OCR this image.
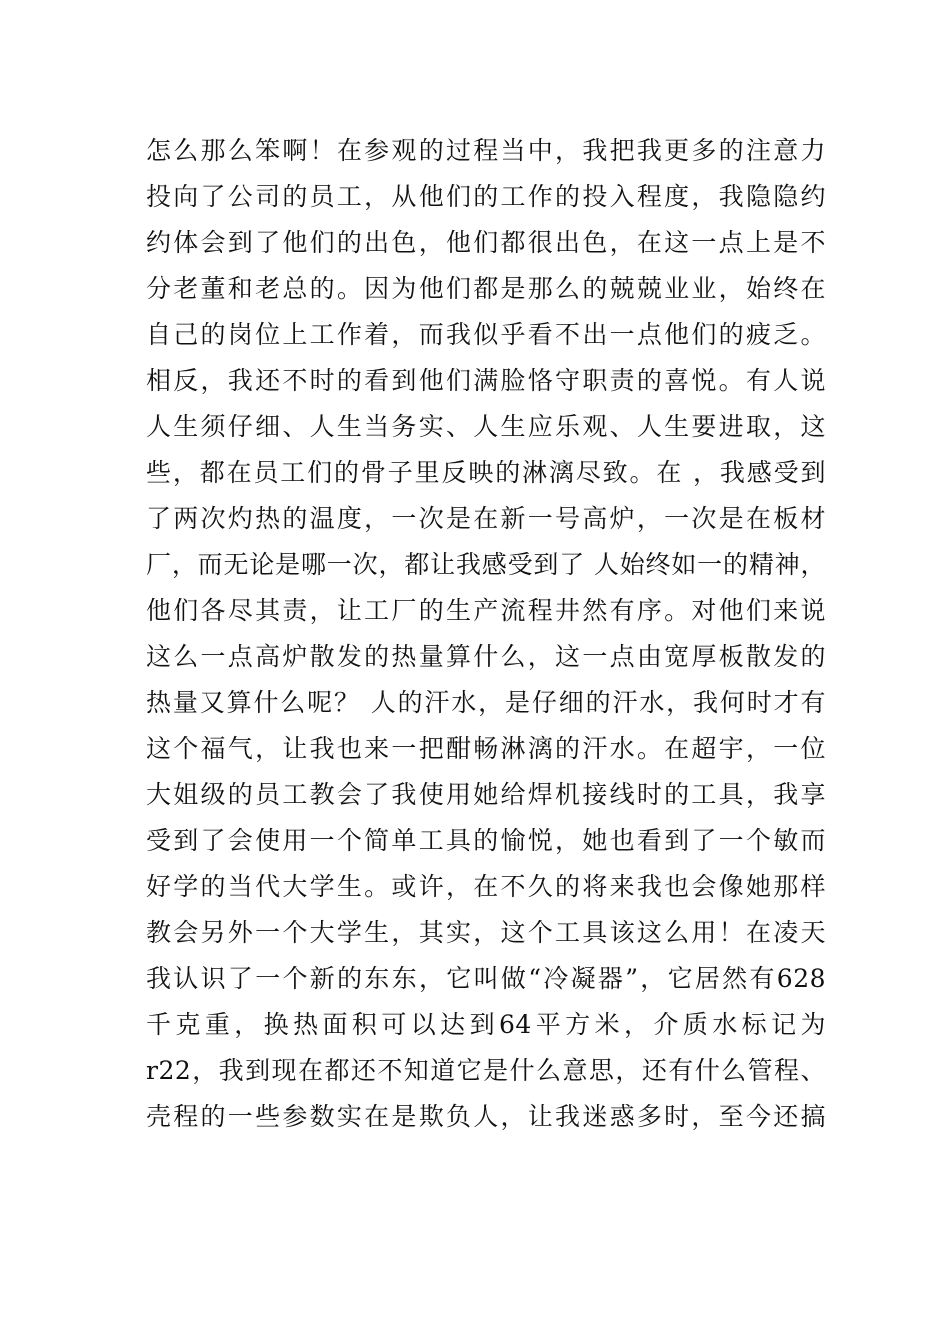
怎么那么笨啊！在参观的过程当中，我把我更多的注意力
投向了公司的员工，从他们的工作的投入程度，我隐隐约
约体会到了他们的出色，他们都很出色，在这一点上是不
分老董和老总的。因为他们都是那么的兢兢业业，始终在
自己的岗位上工作着，而我似乎看不出一点他们的疲乏。
相反，我还不时的看到他们满脸恪守职责的喜悦。有人说
人生须仔细、人生当务实、人生应乐观、人生要进取，这
些，都在员工们的骨子里反映的淋漓尽致。在 ，我感受到
了两次灼热的温度，一次是在新一号高炉，一次是在板材
厂，而无论是哪一次，都让我感受到了 人始终如一的精神，
他们各尽其责，让工厂的生产流程井然有序。对他们来说
这么一点高炉散发的热量算什么，这一点由宽厚板散发的
热量又算什么呢？ 人的汗水，是仔细的汗水，我何时才有
这个福气，让我也来一把酣畅淋漓的汗水。在超宇，一位
大姐级的员工教会了我使用她给焊机接线时的工具，我享
受到了会使用一个简单工具的愉悦，她也看到了一个敏而
好学的当代大学生。或许，在不久的将来我也会像她那样
教会另外一个大学生，其实，这个工具该这么用！在凌天
我认识了一个新的东东，它叫做“冷凝器”，它居然有628
千克重，换热面积可以达到64平方米，介质水标记为
r22，我到现在都还不知道它是什么意思，还有什么管程、
壳程的一些参数实在是欺负人，让我迷惑多时，至今还搞
